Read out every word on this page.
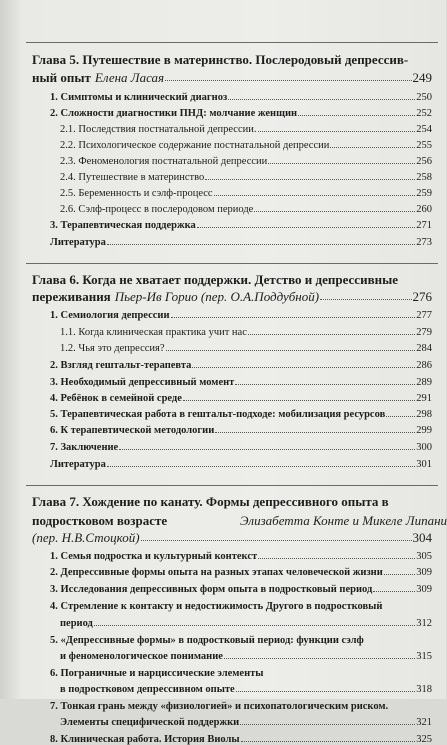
Глава 5. Путешествие в материнство. Послеродовый депрессив-
ный опыт Елена Ласая	249
1. Симптомы и клинический диагноз	250
2. Сложности диагностики ПНД: молчание женщин	252
2.1. Последствия постнатальной депрессии.	254
2.2. Психологическое содержание постнатальной депрессии	255
2.3. Феноменология постнатальной депрессии	256
2.4. Путешествие в материнство	258
2.5. Беременность и сэлф-процесс	259
2.6. Сэлф-процесс в послеродовом периоде	260
3. Терапевтическая поддержка	271
Литература	273
Глава 6. Когда не хватает поддержки. Детство и депрессивные
переживания Пьер-Ив Горио (пер. О.А.Поддубной)	276
1. Семиология депрессии	277
1.1. Когда клиническая практика учит нас	279
1.2. Чья это депрессия?	284
2. Взгляд гештальт-терапевта	286
3. Необходимый депрессивный момент	289
4. Ребёнок в семейной среде	291
5. Терапевтическая работа в гештальт-подходе: мобилизация ресурсов	298
6. К терапевтической методологии	299
7. Заключение	300
Литература	301
Глава 7. Хождение по канату. Формы депрессивного опыта в
подростковом возрасте	Элизабетта Конте и Микеле Липани
(пер. Н.В.Стоцкой)	304
1. Семья подростка и культурный контекст	305
2. Депрессивные формы опыта на разных этапах человеческой жизни	309
3. Исследования депрессивных форм опыта в подростковый период	309
4. Стремление к контакту и недостижимость Другого в подростковый
период	312
5. «Депрессивные формы» в подростковый период: функции сэлф
и феноменологическое понимание	315
6. Пограничные и нарциссические элементы
в подростковом депрессивном опыте	318
7. Тонкая грань между «физиологией» и психопатологическим риском.
Элементы специфической поддержки	321
8. Клиническая работа. История Виолы	325
